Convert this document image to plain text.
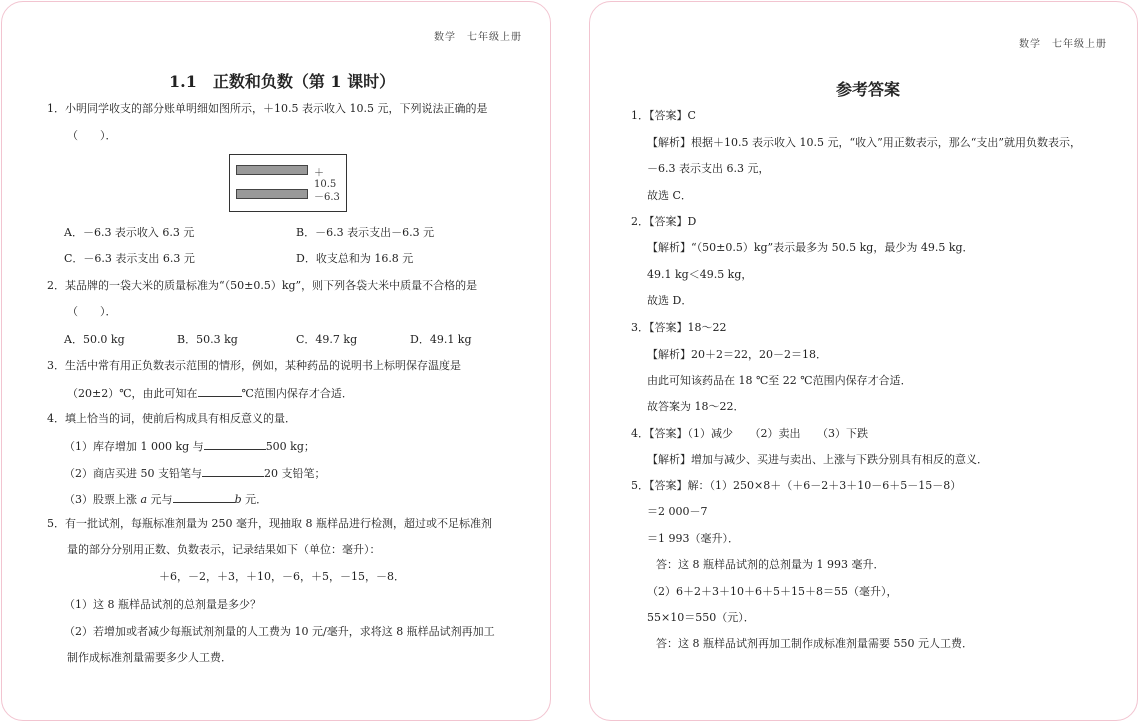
数学　七年级上册
1.1　正数和负数（第 1 课时）
1．小明同学收支的部分账单明细如图所示，＋10.5 表示收入 10.5 元，下列说法正确的是
（　　）．
＋10.5
－6.3
A．－6.3 表示收入 6.3 元	B．－6.3 表示支出－6.3 元
C．－6.3 表示支出 6.3 元	D．收支总和为 16.8 元
2．某品牌的一袋大米的质量标准为“（50±0.5）kg”，则下列各袋大米中质量不合格的是
（　　）．
A．50.0 kg	B．50.3 kg	C．49.7 kg	D．49.1 kg
3．生活中常有用正负数表示范围的情形，例如，某种药品的说明书上标明保存温度是
（20±2）℃，由此可知在	℃范围内保存才合适．
4．填上恰当的词，使前后构成具有相反意义的量．
（1）库存增加 1 000 kg 与	500 kg；
（2）商店买进 50 支铅笔与	20 支铅笔；
（3）股票上涨 a 元与	b 元．
5．有一批试剂，每瓶标准剂量为 250 毫升，现抽取 8 瓶样品进行检测，超过或不足标准剂
量的部分分别用正数、负数表示，记录结果如下（单位：毫升）：
＋6，－2，＋3，＋10，－6，＋5，－15，－8．
（1）这 8 瓶样品试剂的总剂量是多少？
（2）若增加或者减少每瓶试剂剂量的人工费为 10 元/毫升，求将这 8 瓶样品试剂再加工
制作成标准剂量需要多少人工费．
数学　七年级上册
参考答案
1．【答案】C
【解析】根据＋10.5 表示收入 10.5 元，“收入”用正数表示，那么“支出”就用负数表示，
－6.3 表示支出 6.3 元，
故选 C．
2．【答案】D
【解析】“（50±0.5）kg”表示最多为 50.5 kg，最少为 49.5 kg．
49.1 kg＜49.5 kg，
故选 D．
3．【答案】18～22
【解析】20＋2＝22，20－2＝18．
由此可知该药品在 18 ℃至 22 ℃范围内保存才合适．
故答案为 18～22．
4．【答案】（1）减少　　（2）卖出　　（3）下跌
【解析】增加与减少、买进与卖出、上涨与下跌分别具有相反的意义．
5．【答案】解：（1）250×8＋（＋6－2＋3＋10－6＋5－15－8）
＝2 000－7
＝1 993（毫升）．
答：这 8 瓶样品试剂的总剂量为 1 993 毫升．
（2）6＋2＋3＋10＋6＋5＋15＋8＝55（毫升），
55×10＝550（元）．
答：这 8 瓶样品试剂再加工制作成标准剂量需要 550 元人工费．
